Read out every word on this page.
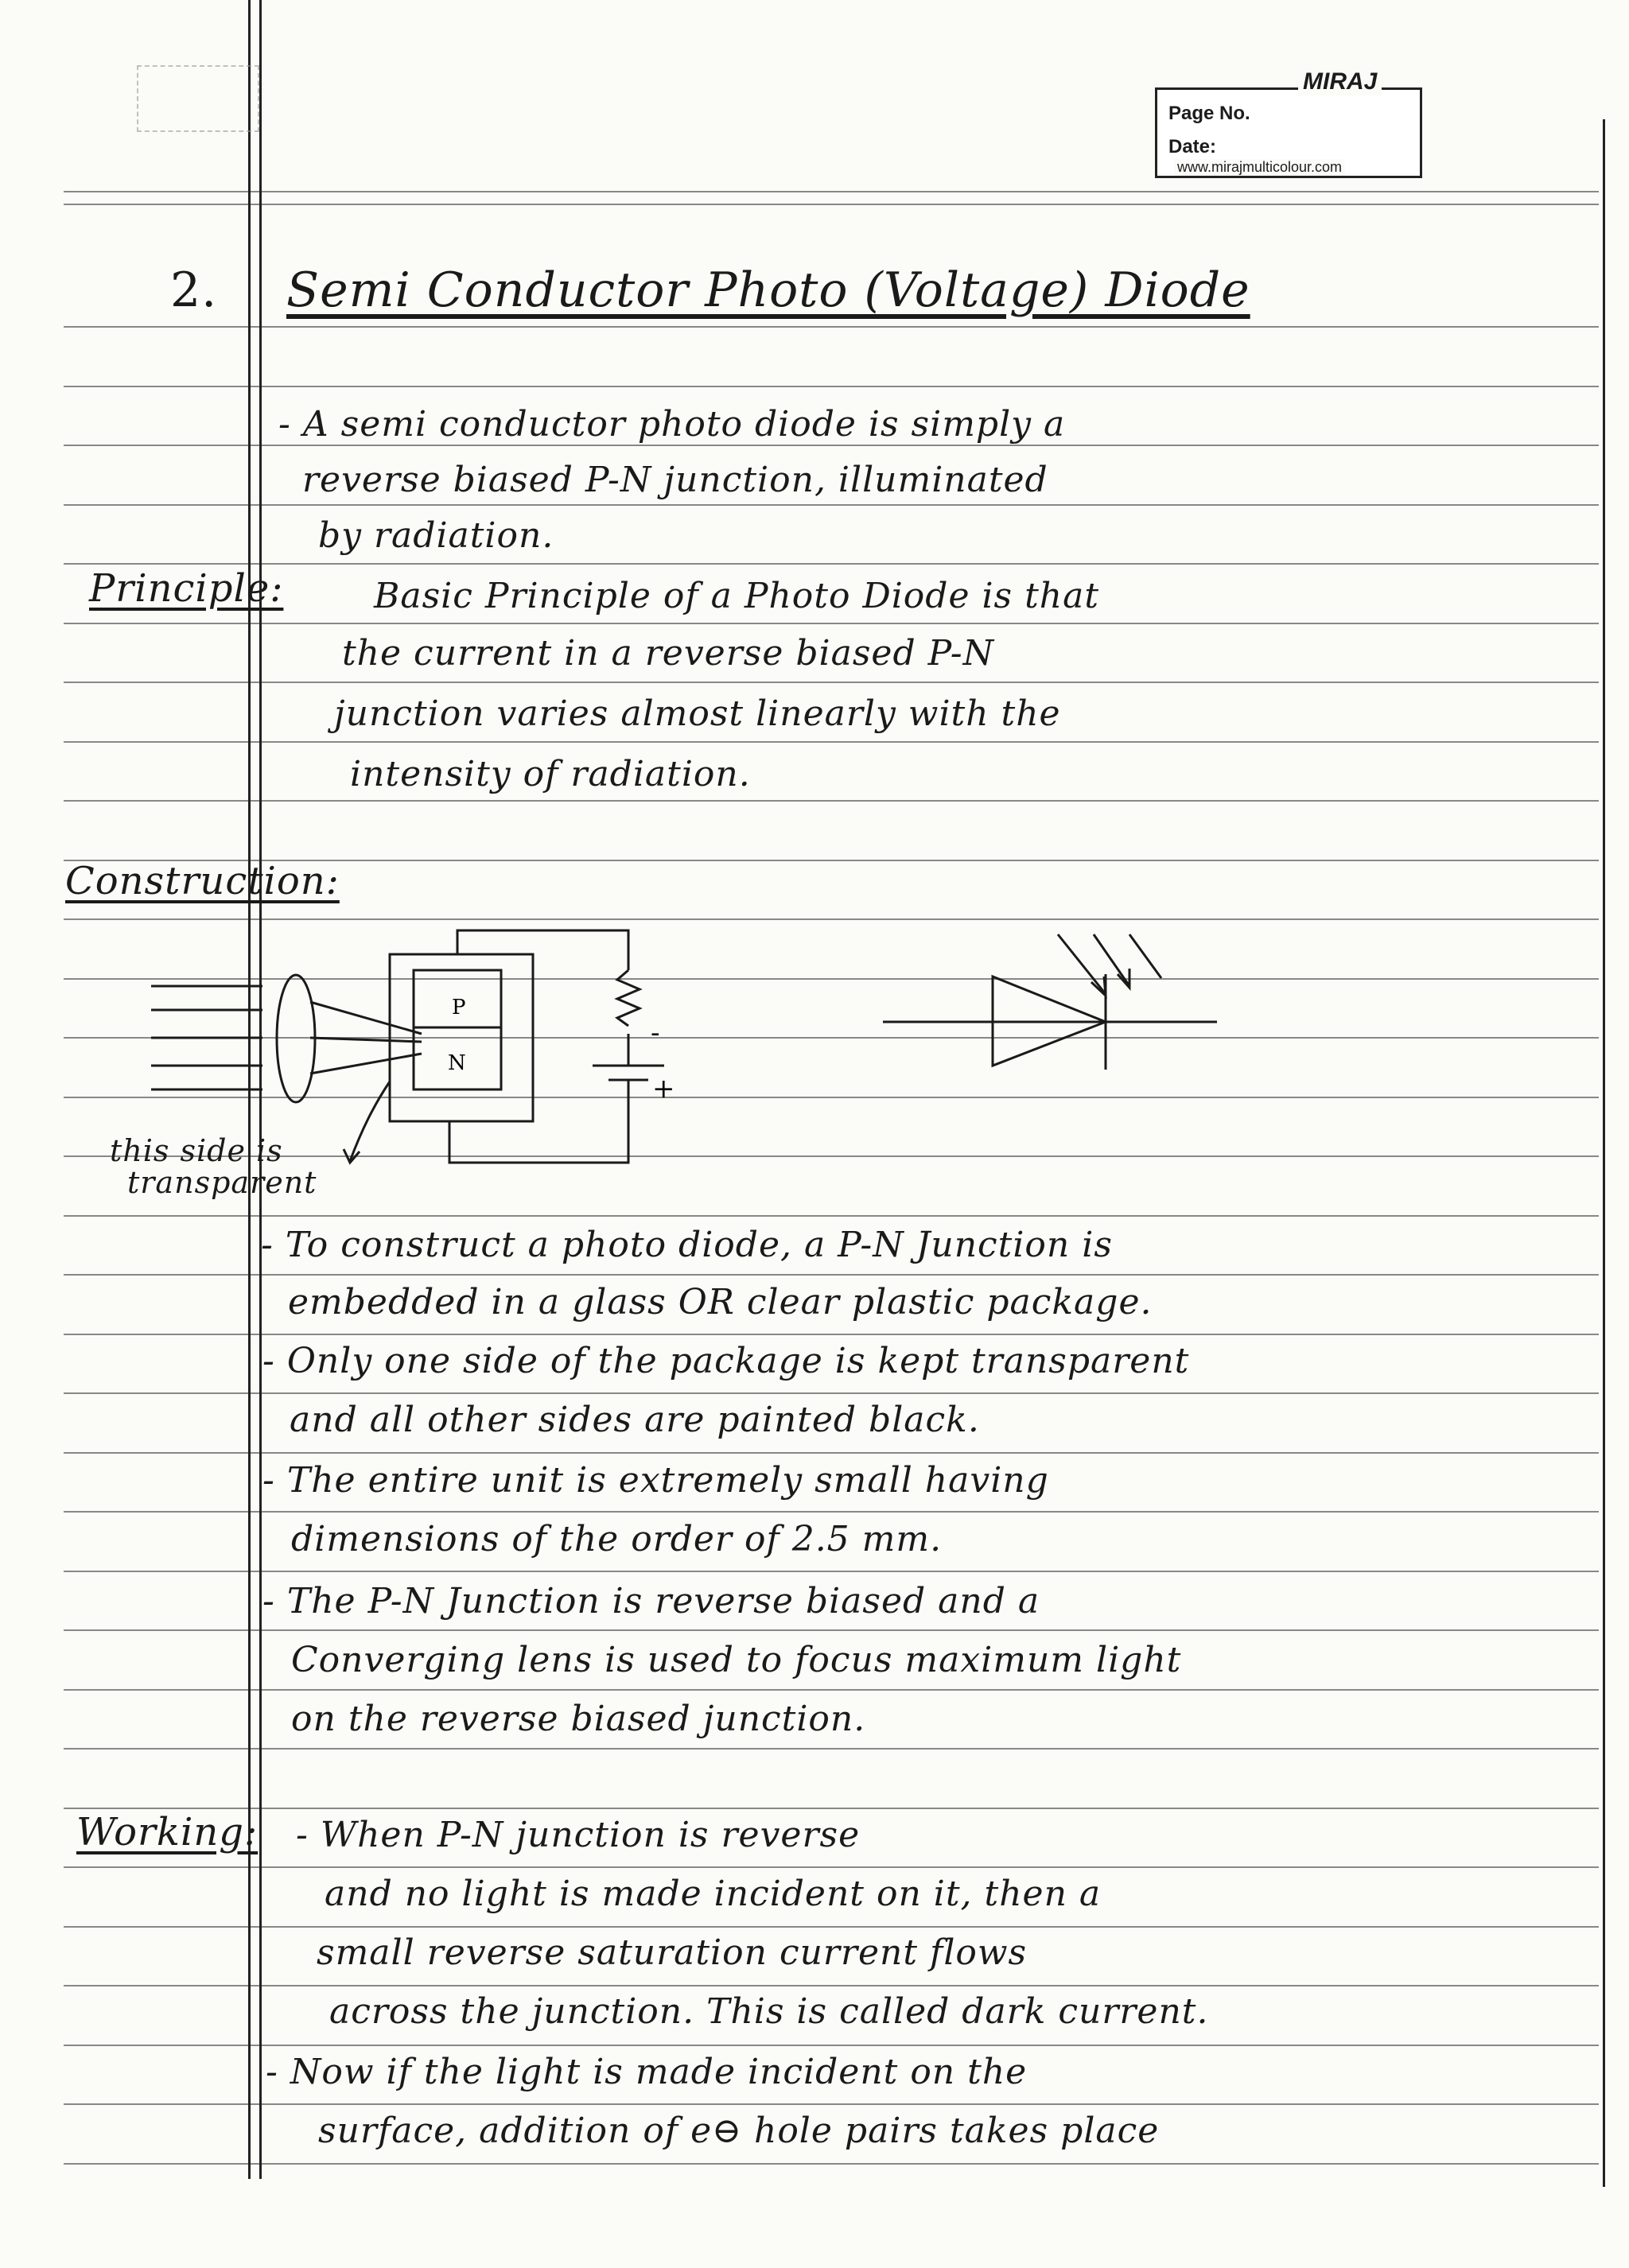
Page No.
Date:
MIRAJ
www.mirajmulticolour.com
2. Semi Conductor Photo (Voltage) Diode
- A semi conductor photo diode is simply a
reverse biased P-N junction, illuminated
by radiation.
Principle:	Basic Principle of a Photo Diode is that
the current in a reverse biased P-N
junction varies almost linearly with the
intensity of radiation.
Construction:
P
N
-
+
this side is
transparent
- To construct a photo diode, a P-N Junction is
embedded in a glass OR clear plastic package.
- Only one side of the package is kept transparent
and all other sides are painted black.
- The entire unit is extremely small having
dimensions of the order of 2.5 mm.
- The P-N Junction is reverse biased and a
Converging lens is used to focus maximum light
on the reverse biased junction.
Working: - When P-N junction is reverse
and no light is made incident on it, then a
small reverse saturation current flows
across the junction. This is called dark current.
- Now if the light is made incident on the
surface, addition of e⊖ hole pairs takes place
